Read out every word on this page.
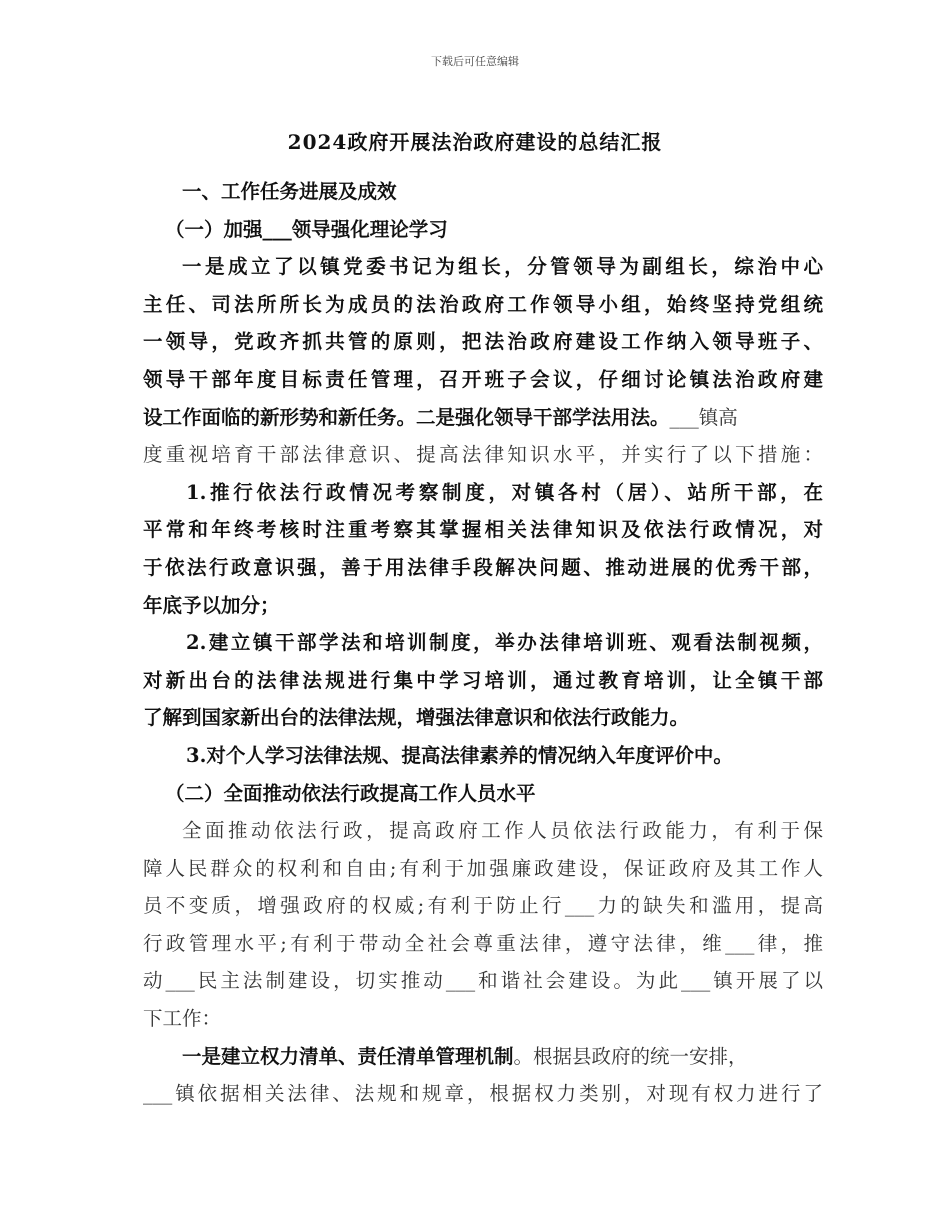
下载后可任意编辑
2024政府开展法治政府建设的总结汇报
一、工作任务进展及成效
（一）加强___领导强化理论学习
一是成立了以镇党委书记为组长，分管领导为副组长，综治中心
主任、司法所所长为成员的法治政府工作领导小组，始终坚持党组统
一领导，党政齐抓共管的原则，把法治政府建设工作纳入领导班子、
领导干部年度目标责任管理，召开班子会议，仔细讨论镇法治政府建
设工作面临的新形势和新任务。二是强化领导干部学法用法。___镇高
度重视培育干部法律意识、提高法律知识水平，并实行了以下措施：
1.推行依法行政情况考察制度，对镇各村（居）、站所干部，在
平常和年终考核时注重考察其掌握相关法律知识及依法行政情况，对
于依法行政意识强，善于用法律手段解决问题、推动进展的优秀干部，
年底予以加分；
2.建立镇干部学法和培训制度，举办法律培训班、观看法制视频，
对新出台的法律法规进行集中学习培训，通过教育培训，让全镇干部
了解到国家新出台的法律法规，增强法律意识和依法行政能力。
3.对个人学习法律法规、提高法律素养的情况纳入年度评价中。
（二）全面推动依法行政提高工作人员水平
全面推动依法行政，提高政府工作人员依法行政能力，有利于保
障人民群众的权利和自由;有利于加强廉政建设，保证政府及其工作人
员不变质，增强政府的权威;有利于防止行___力的缺失和滥用，提高
行政管理水平;有利于带动全社会尊重法律，遵守法律，维___律，推
动___民主法制建设，切实推动___和谐社会建设。为此___镇开展了以
下工作：
一是建立权力清单、责任清单管理机制。根据县政府的统一安排，
___镇依据相关法律、法规和规章，根据权力类别，对现有权力进行了
